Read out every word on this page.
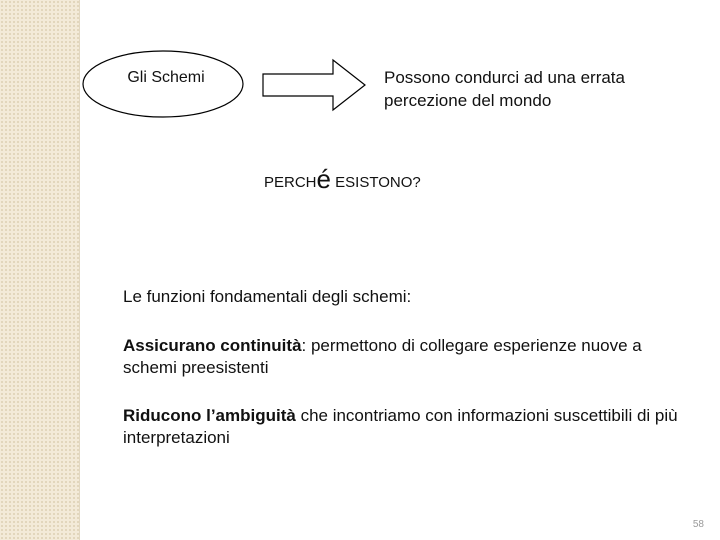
Gli Schemi	Possono condurci ad una errata percezione del mondo
PERCHé ESISTONO?
Le funzioni fondamentali degli schemi:
Assicurano continuità: permettono di collegare esperienze nuove a schemi preesistenti
Riducono l’ambiguità che incontriamo con informazioni suscettibili di più interpretazioni
58
